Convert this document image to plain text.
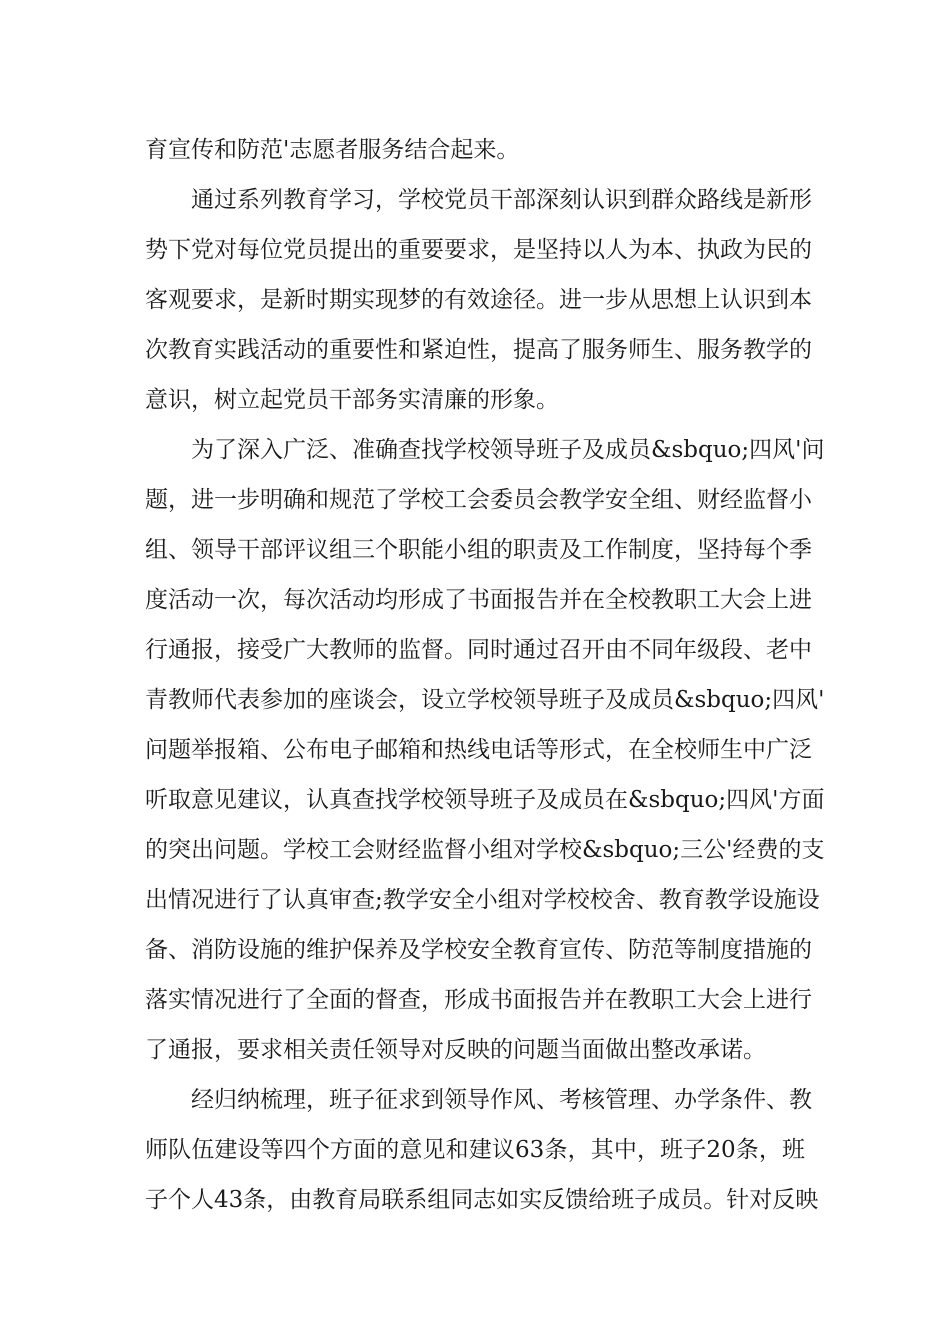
育宣传和防范'志愿者服务结合起来。
通过系列教育学习，学校党员干部深刻认识到群众路线是新形
势下党对每位党员提出的重要要求，是坚持以人为本、执政为民的
客观要求，是新时期实现梦的有效途径。进一步从思想上认识到本
次教育实践活动的重要性和紧迫性，提高了服务师生、服务教学的
意识，树立起党员干部务实清廉的形象。
为了深入广泛、准确查找学校领导班子及成员&sbquo;四风'问
题，进一步明确和规范了学校工会委员会教学安全组、财经监督小
组、领导干部评议组三个职能小组的职责及工作制度，坚持每个季
度活动一次，每次活动均形成了书面报告并在全校教职工大会上进
行通报，接受广大教师的监督。同时通过召开由不同年级段、老中
青教师代表参加的座谈会，设立学校领导班子及成员&sbquo;四风'
问题举报箱、公布电子邮箱和热线电话等形式，在全校师生中广泛
听取意见建议，认真查找学校领导班子及成员在&sbquo;四风'方面
的突出问题。学校工会财经监督小组对学校&sbquo;三公'经费的支
出情况进行了认真审查;教学安全小组对学校校舍、教育教学设施设
备、消防设施的维护保养及学校安全教育宣传、防范等制度措施的
落实情况进行了全面的督查，形成书面报告并在教职工大会上进行
了通报，要求相关责任领导对反映的问题当面做出整改承诺。
经归纳梳理，班子征求到领导作风、考核管理、办学条件、教
师队伍建设等四个方面的意见和建议63条，其中，班子20条，班
子个人43条，由教育局联系组同志如实反馈给班子成员。针对反映
